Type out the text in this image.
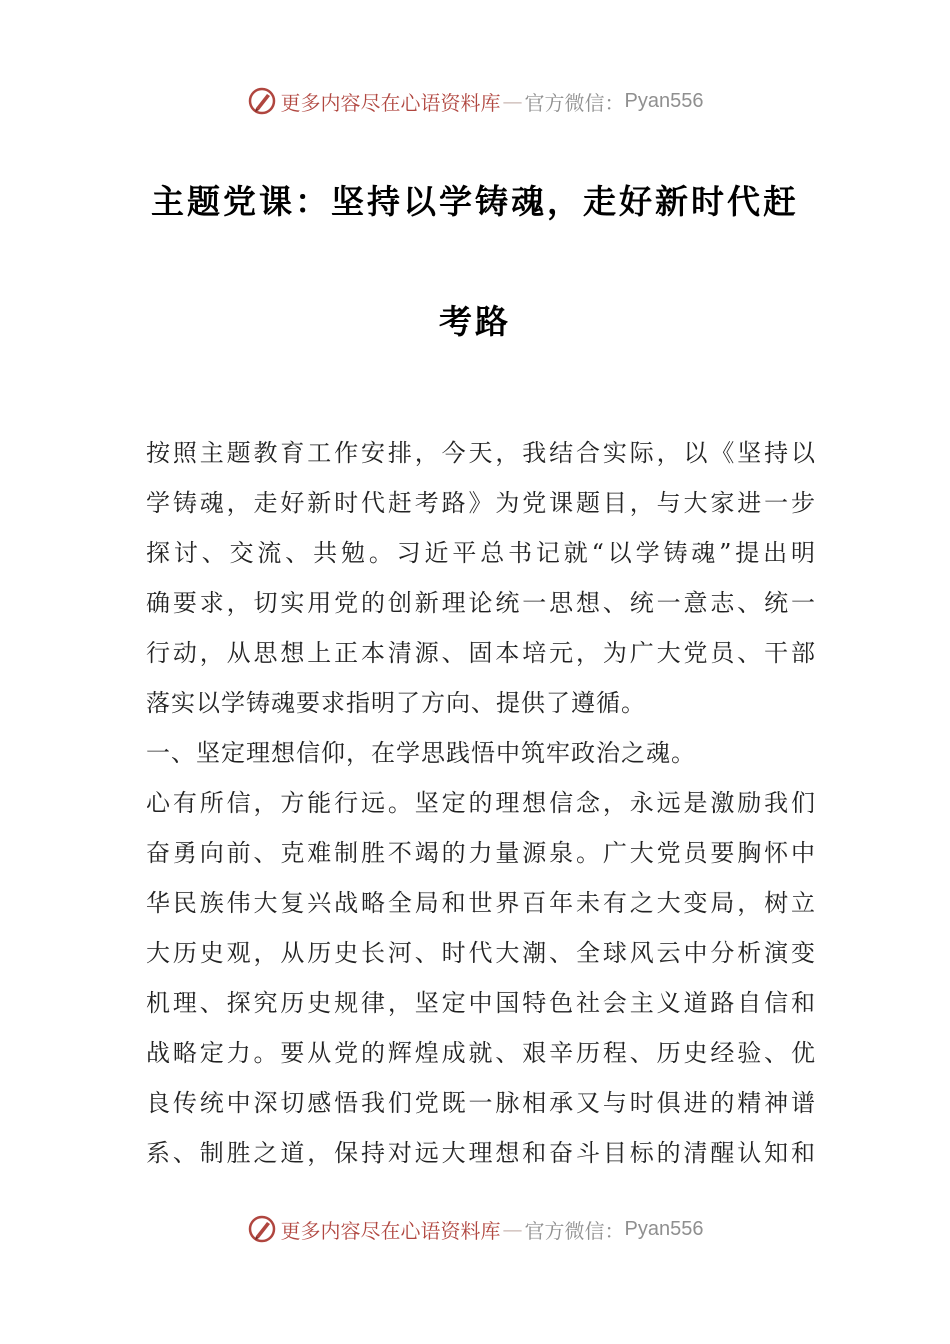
更多内容尽在心语资料库 — 官方微信： Pyan556
主题党课：坚持以学铸魂，走好新时代赶
考路
按照主题教育工作安排，今天，我结合实际，以《坚持以
学铸魂，走好新时代赶考路》为党课题目，与大家进一步
探讨、交流、共勉。习近平总书记就“以学铸魂”提出明
确要求，切实用党的创新理论统一思想、统一意志、统一
行动，从思想上正本清源、固本培元，为广大党员、干部
落实以学铸魂要求指明了方向、提供了遵循。
一、坚定理想信仰，在学思践悟中筑牢政治之魂。
心有所信，方能行远。坚定的理想信念，永远是激励我们
奋勇向前、克难制胜不竭的力量源泉。广大党员要胸怀中
华民族伟大复兴战略全局和世界百年未有之大变局，树立
大历史观，从历史长河、时代大潮、全球风云中分析演变
机理、探究历史规律，坚定中国特色社会主义道路自信和
战略定力。要从党的辉煌成就、艰辛历程、历史经验、优
良传统中深切感悟我们党既一脉相承又与时俱进的精神谱
系、制胜之道，保持对远大理想和奋斗目标的清醒认知和
更多内容尽在心语资料库 — 官方微信： Pyan556
